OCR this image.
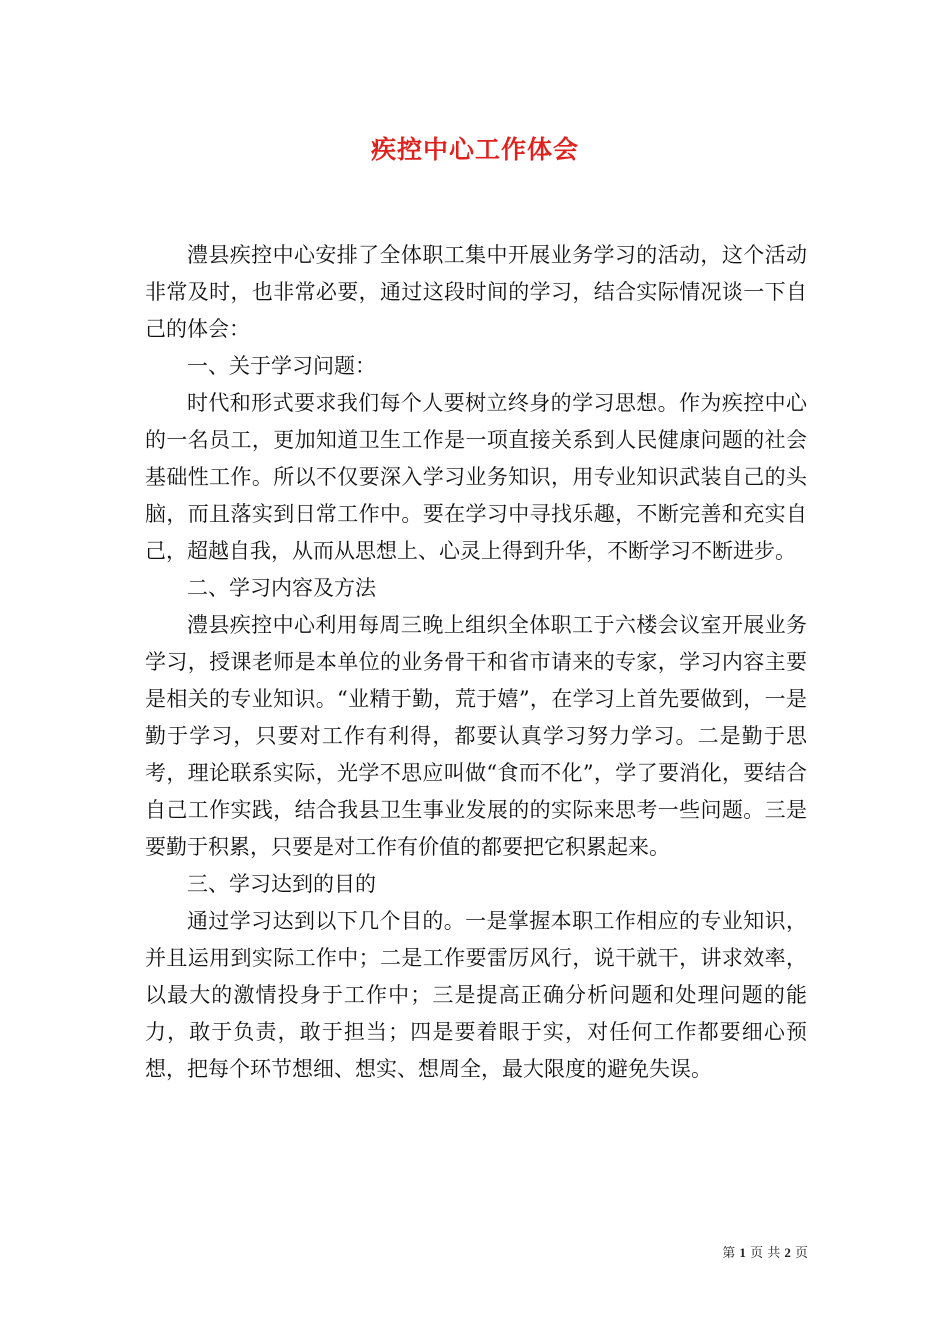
疾控中心工作体会

澧县疾控中心安排了全体职工集中开展业务学习的活动，这个活动非常及时，也非常必要，通过这段时间的学习，结合实际情况谈一下自己的体会：

一、关于学习问题：

时代和形式要求我们每个人要树立终身的学习思想。作为疾控中心的一名员工，更加知道卫生工作是一项直接关系到人民健康问题的社会基础性工作。所以不仅要深入学习业务知识，用专业知识武装自己的头脑，而且落实到日常工作中。要在学习中寻找乐趣，不断完善和充实自己，超越自我，从而从思想上、心灵上得到升华，不断学习不断进步。

二、学习内容及方法

澧县疾控中心利用每周三晚上组织全体职工于六楼会议室开展业务学习，授课老师是本单位的业务骨干和省市请来的专家，学习内容主要是相关的专业知识。“业精于勤，荒于嬉”，在学习上首先要做到，一是勤于学习，只要对工作有利得，都要认真学习努力学习。二是勤于思考，理论联系实际，光学不思应叫做“食而不化”，学了要消化，要结合自己工作实践，结合我县卫生事业发展的的实际来思考一些问题。三是要勤于积累，只要是对工作有价值的都要把它积累起来。

三、学习达到的目的

通过学习达到以下几个目的。一是掌握本职工作相应的专业知识，并且运用到实际工作中；二是工作要雷厉风行，说干就干，讲求效率，以最大的激情投身于工作中；三是提高正确分析问题和处理问题的能力，敢于负责，敢于担当；四是要着眼于实，对任何工作都要细心预想，把每个环节想细、想实、想周全，最大限度的避免失误。

第 1 页 共 2 页
